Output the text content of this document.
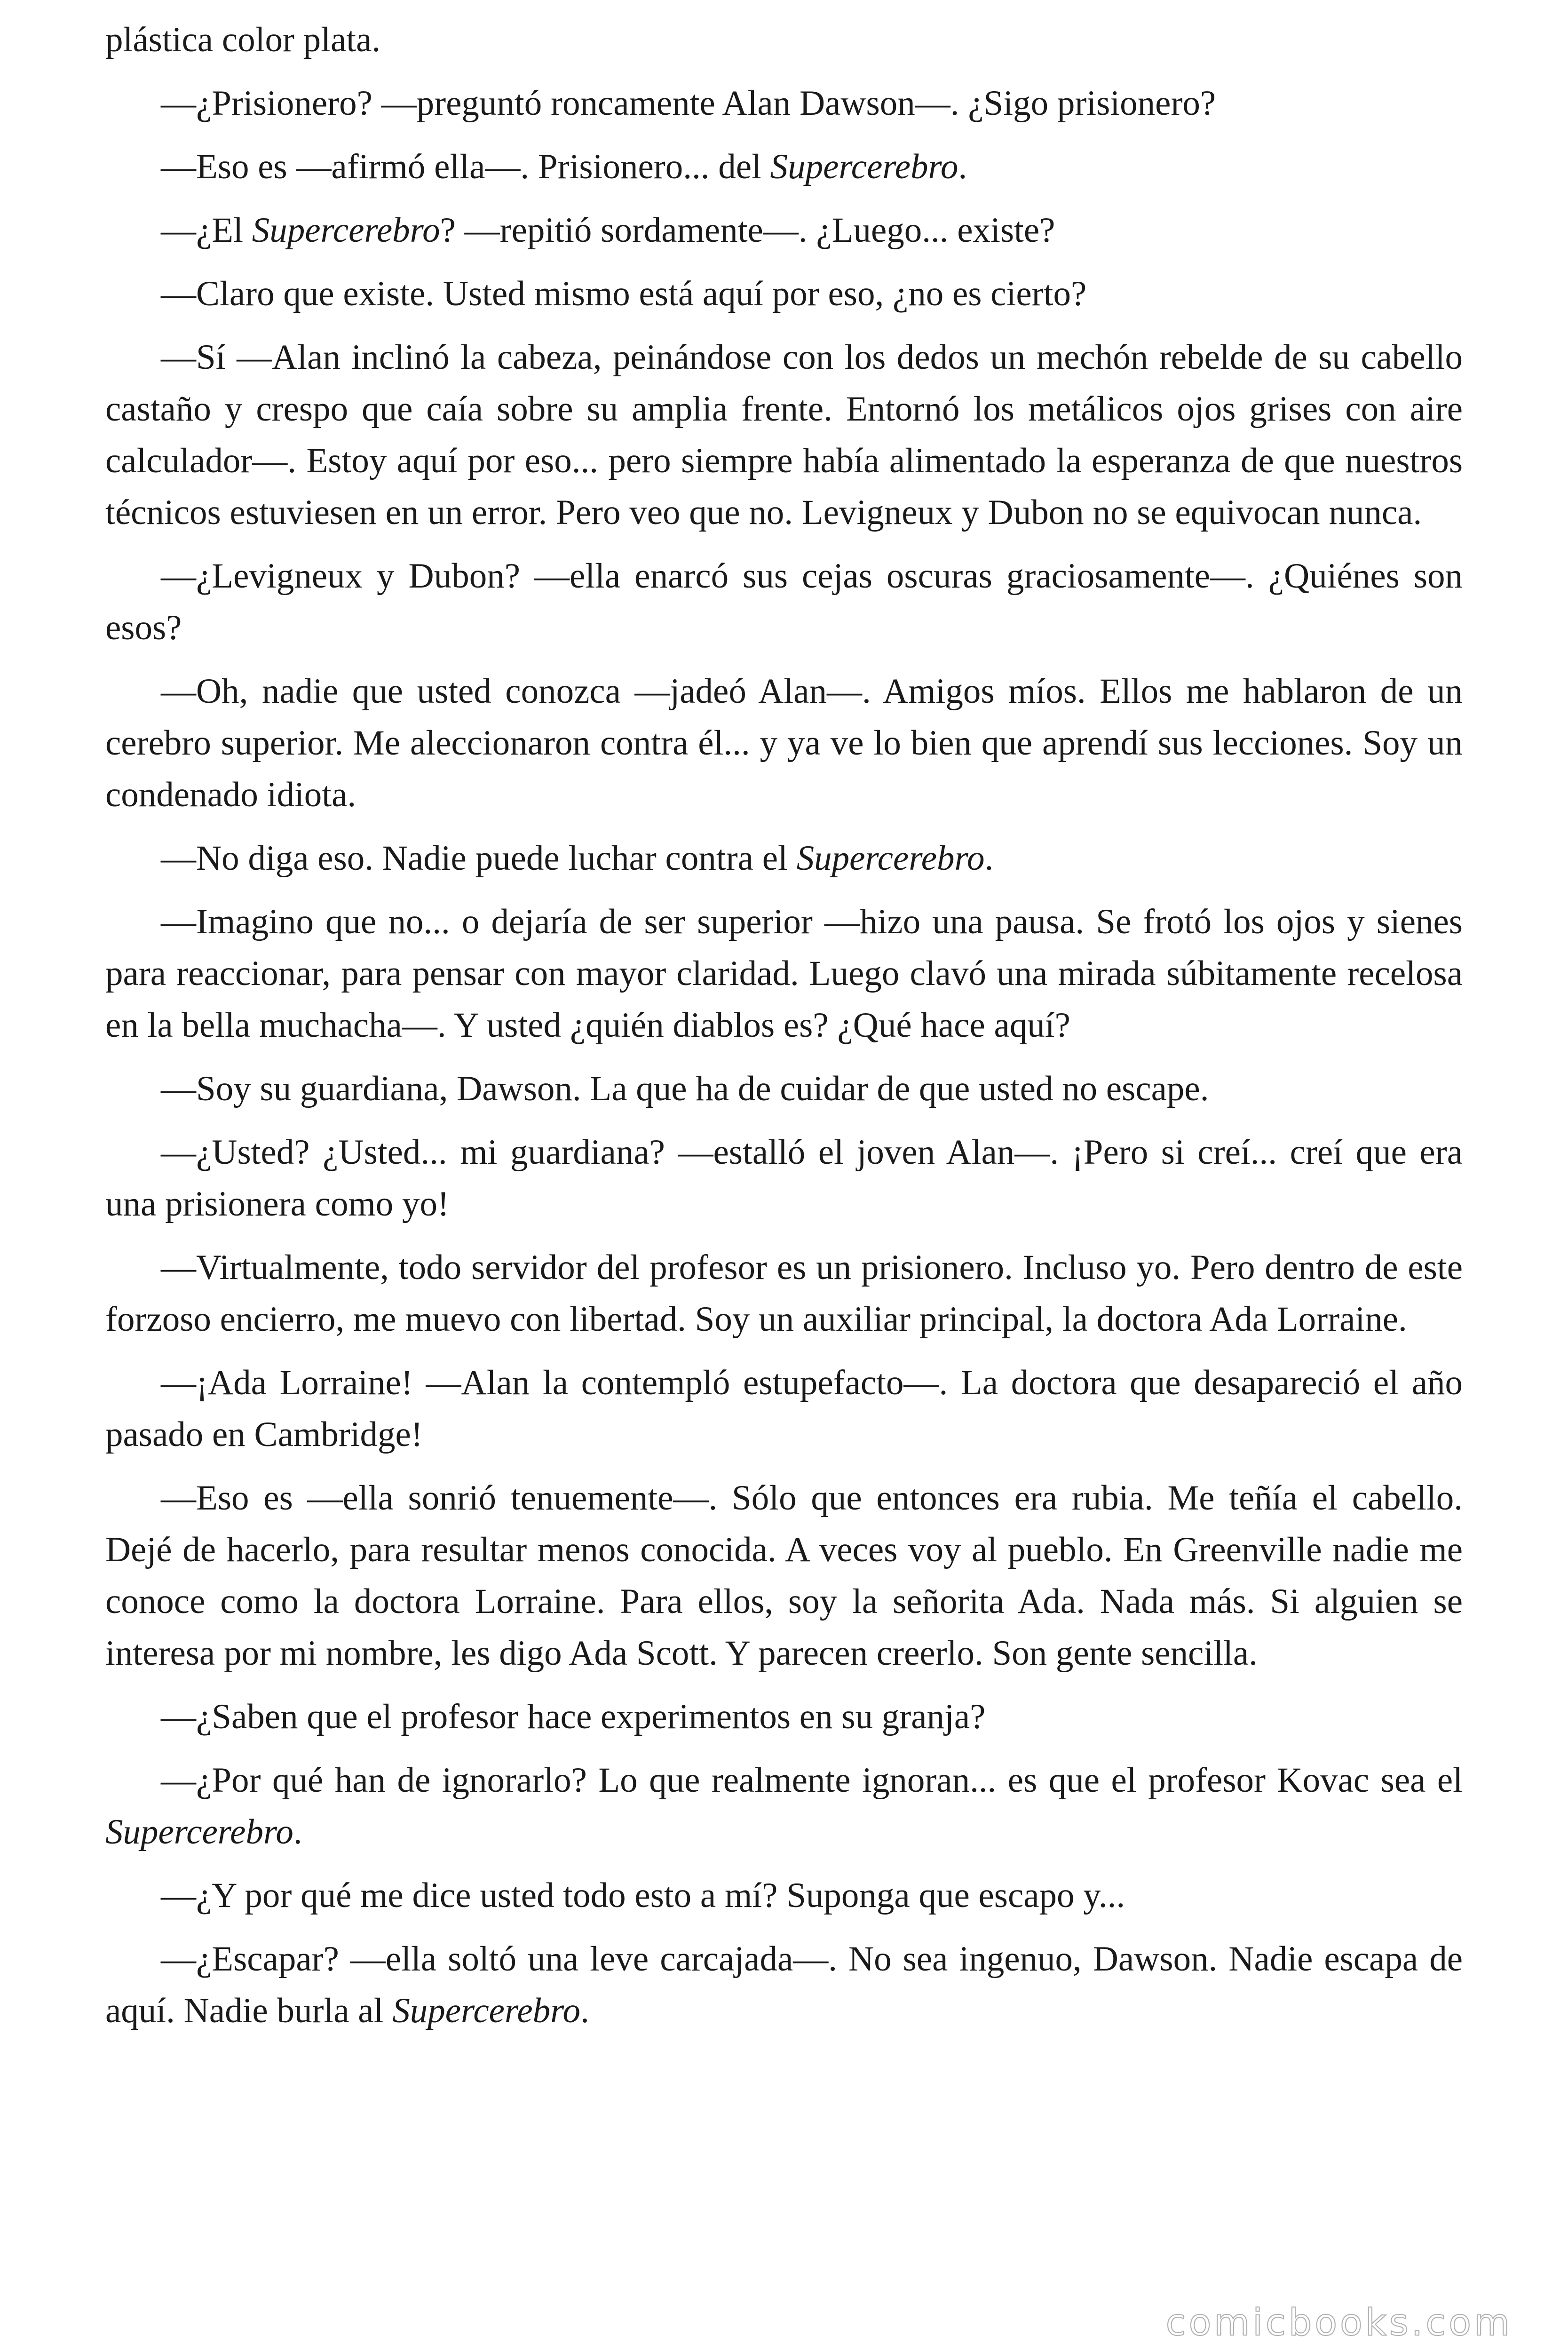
plástica color plata.

—¿Prisionero? —preguntó roncamente Alan Dawson—. ¿Sigo prisionero?

—Eso es —afirmó ella—. Prisionero... del Supercerebro.

—¿El Supercerebro? —repitió sordamente—. ¿Luego... existe?

—Claro que existe. Usted mismo está aquí por eso, ¿no es cierto?

—Sí —Alan inclinó la cabeza, peinándose con los dedos un mechón rebelde de su cabello castaño y crespo que caía sobre su amplia frente. Entornó los metálicos ojos grises con aire calculador—. Estoy aquí por eso... pero siempre había alimentado la esperanza de que nuestros técnicos estuviesen en un error. Pero veo que no. Levigneux y Dubon no se equivocan nunca.

—¿Levigneux y Dubon? —ella enarcó sus cejas oscuras graciosamente—. ¿Quiénes son esos?

—Oh, nadie que usted conozca —jadeó Alan—. Amigos míos. Ellos me hablaron de un cerebro superior. Me aleccionaron contra él... y ya ve lo bien que aprendí sus lecciones. Soy un condenado idiota.

—No diga eso. Nadie puede luchar contra el Supercerebro.

—Imagino que no... o dejaría de ser superior —hizo una pausa. Se frotó los ojos y sienes para reaccionar, para pensar con mayor claridad. Luego clavó una mirada súbitamente recelosa en la bella muchacha—. Y usted ¿quién diablos es? ¿Qué hace aquí?

—Soy su guardiana, Dawson. La que ha de cuidar de que usted no escape.

—¿Usted? ¿Usted... mi guardiana? —estalló el joven Alan—. ¡Pero si creí... creí que era una prisionera como yo!

—Virtualmente, todo servidor del profesor es un prisionero. Incluso yo. Pero dentro de este forzoso encierro, me muevo con libertad. Soy un auxiliar principal, la doctora Ada Lorraine.

—¡Ada Lorraine! —Alan la contempló estupefacto—. La doctora que desapareció el año pasado en Cambridge!

—Eso es —ella sonrió tenuemente—. Sólo que entonces era rubia. Me teñía el cabello. Dejé de hacerlo, para resultar menos conocida. A veces voy al pueblo. En Greenville nadie me conoce como la doctora Lorraine. Para ellos, soy la señorita Ada. Nada más. Si alguien se interesa por mi nombre, les digo Ada Scott. Y parecen creerlo. Son gente sencilla.

—¿Saben que el profesor hace experimentos en su granja?

—¿Por qué han de ignorarlo? Lo que realmente ignoran... es que el profesor Kovac sea el Supercerebro.

—¿Y por qué me dice usted todo esto a mí? Suponga que escapo y...

—¿Escapar? —ella soltó una leve carcajada—. No sea ingenuo, Dawson. Nadie escapa de aquí. Nadie burla al Supercerebro.

comicbooks.com
